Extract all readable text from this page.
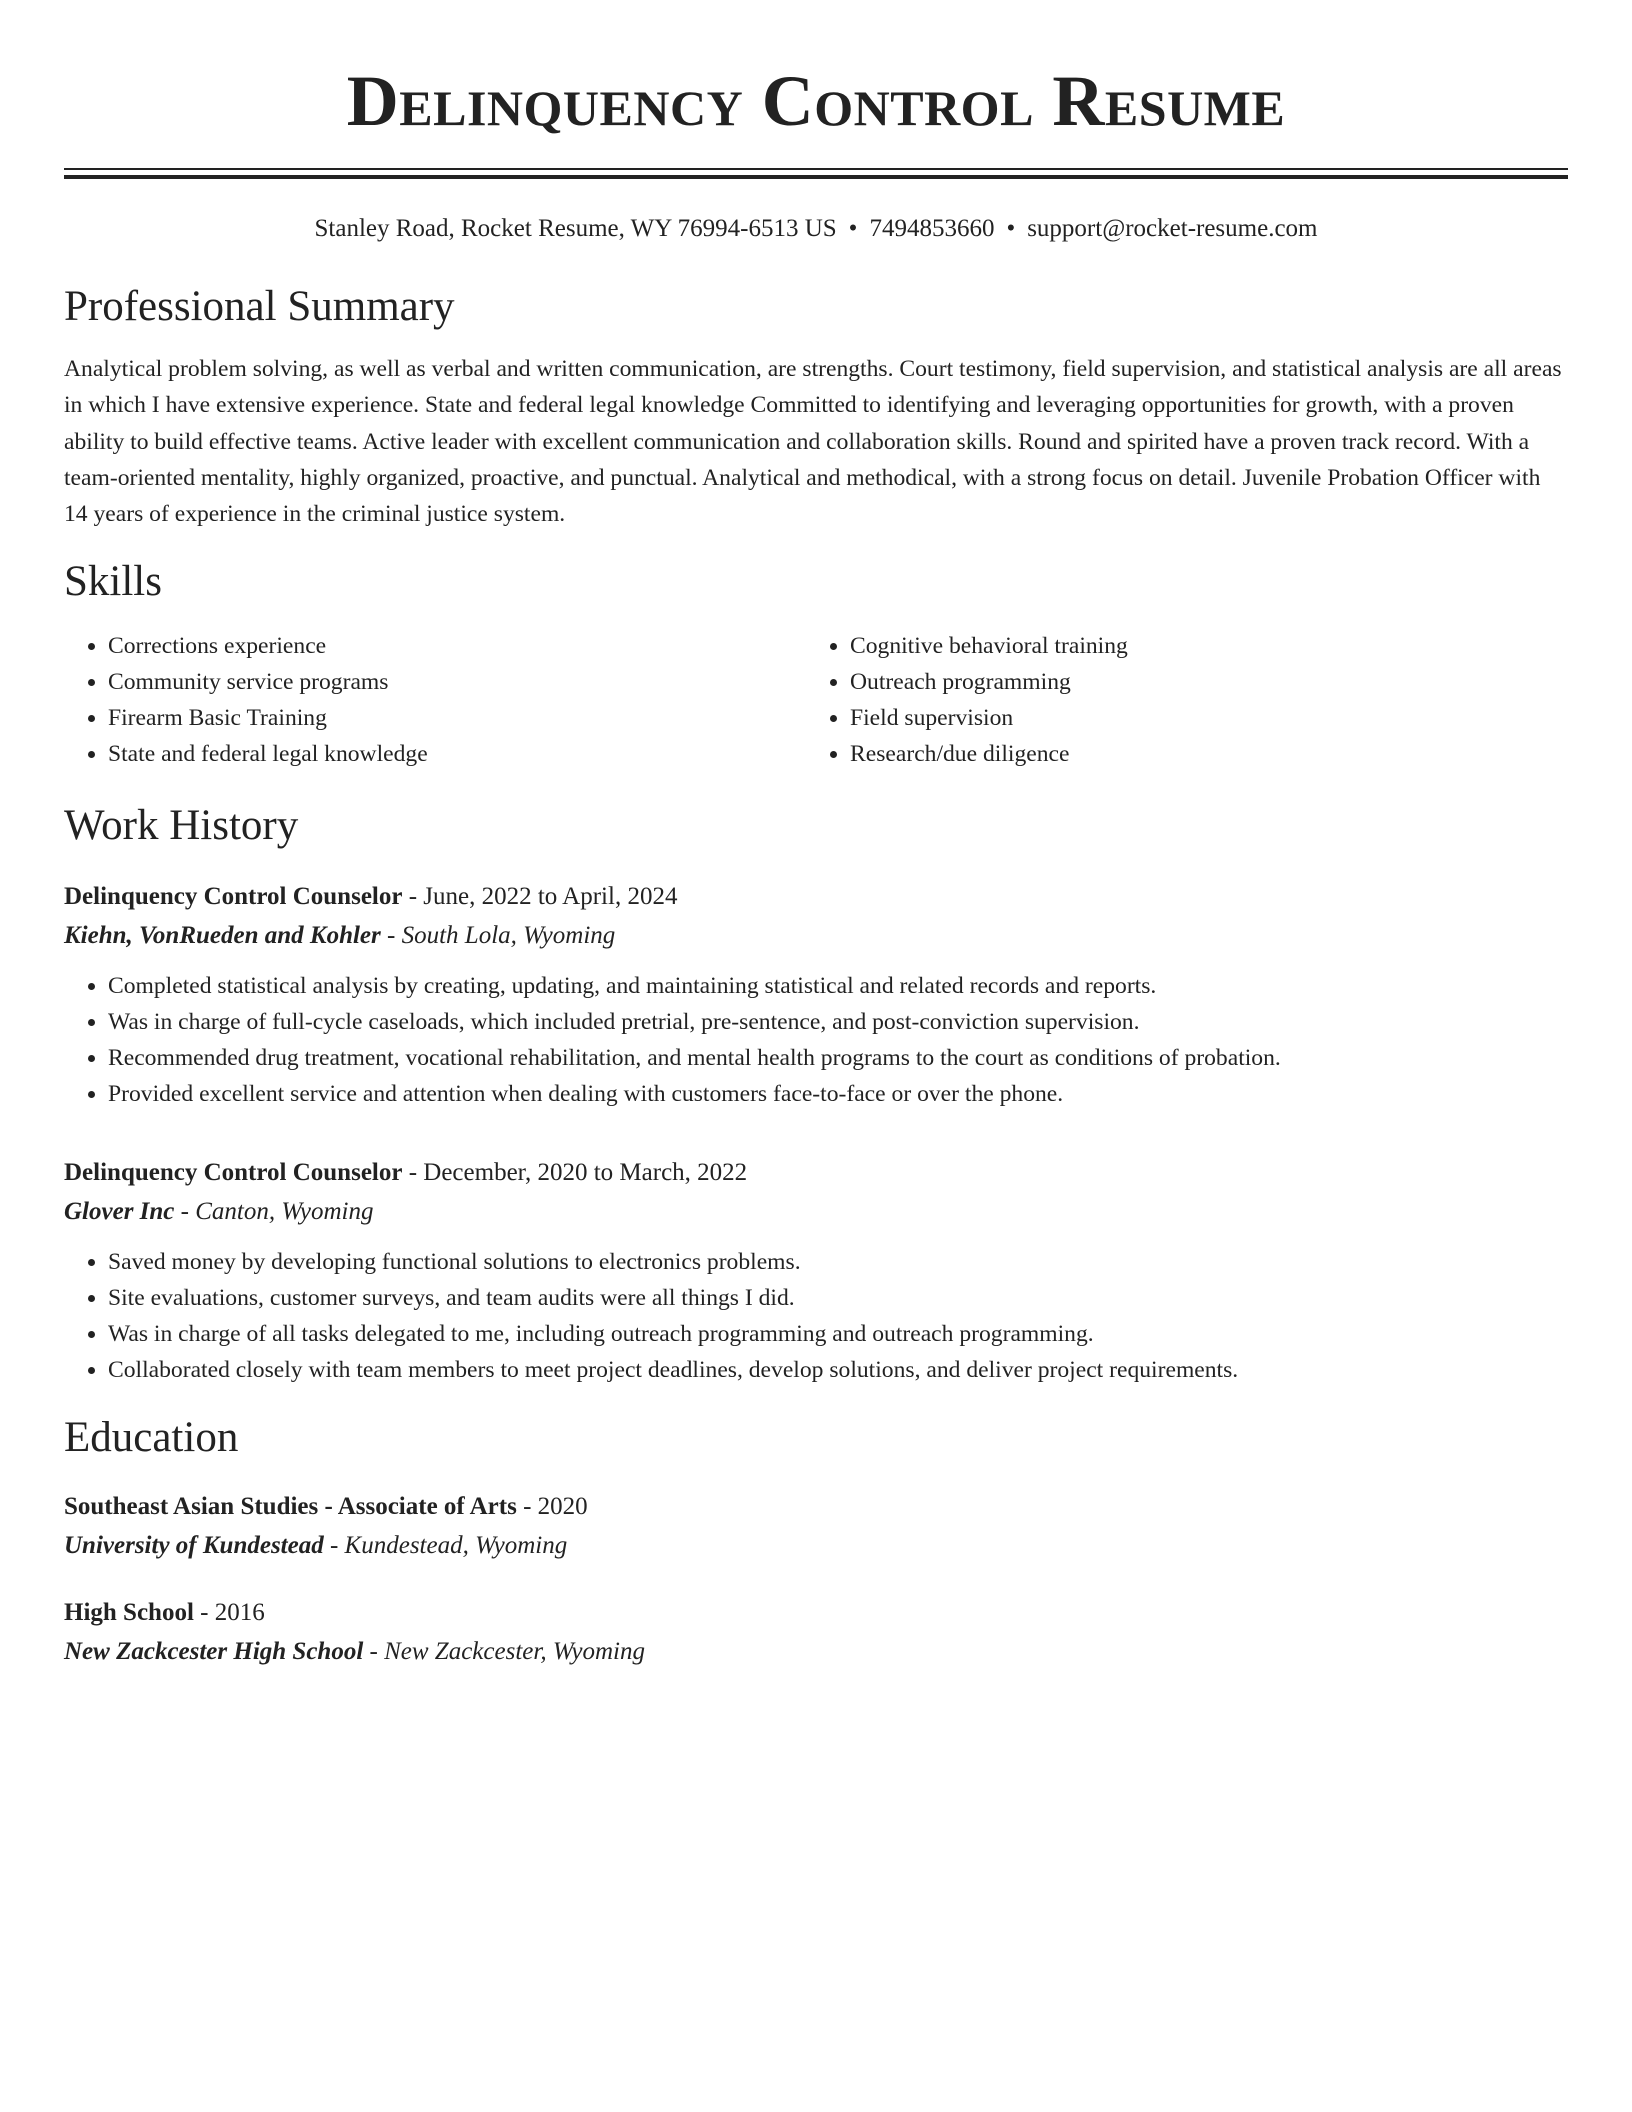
Delinquency Control Resume
Stanley Road, Rocket Resume, WY 76994-6513 US • 7494853660 • support@rocket-resume.com
Professional Summary

Analytical problem solving, as well as verbal and written communication, are strengths. Court testimony, field supervision, and statistical analysis are all areas in which I have extensive experience. State and federal legal knowledge Committed to identifying and leveraging opportunities for growth, with a proven ability to build effective teams. Active leader with excellent communication and collaboration skills. Round and spirited have a proven track record. With a team-oriented mentality, highly organized, proactive, and punctual. Analytical and methodical, with a strong focus on detail. Juvenile Probation Officer with 14 years of experience in the criminal justice system.

Skills
• Corrections experience
• Community service programs
• Firearm Basic Training
• State and federal legal knowledge
• Cognitive behavioral training
• Outreach programming
• Field supervision
• Research/due diligence
Work History
Delinquency Control Counselor - June, 2022 to April, 2024
Kiehn, VonRueden and Kohler - South Lola, Wyoming
• Completed statistical analysis by creating, updating, and maintaining statistical and related records and reports.
• Was in charge of full-cycle caseloads, which included pretrial, pre-sentence, and post-conviction supervision.
• Recommended drug treatment, vocational rehabilitation, and mental health programs to the court as conditions of probation.
• Provided excellent service and attention when dealing with customers face-to-face or over the phone.
Delinquency Control Counselor - December, 2020 to March, 2022
Glover Inc - Canton, Wyoming
• Saved money by developing functional solutions to electronics problems.
• Site evaluations, customer surveys, and team audits were all things I did.
• Was in charge of all tasks delegated to me, including outreach programming and outreach programming.
• Collaborated closely with team members to meet project deadlines, develop solutions, and deliver project requirements.
Education
Southeast Asian Studies - Associate of Arts - 2020
University of Kundestead - Kundestead, Wyoming
High School - 2016
New Zackcester High School - New Zackcester, Wyoming
